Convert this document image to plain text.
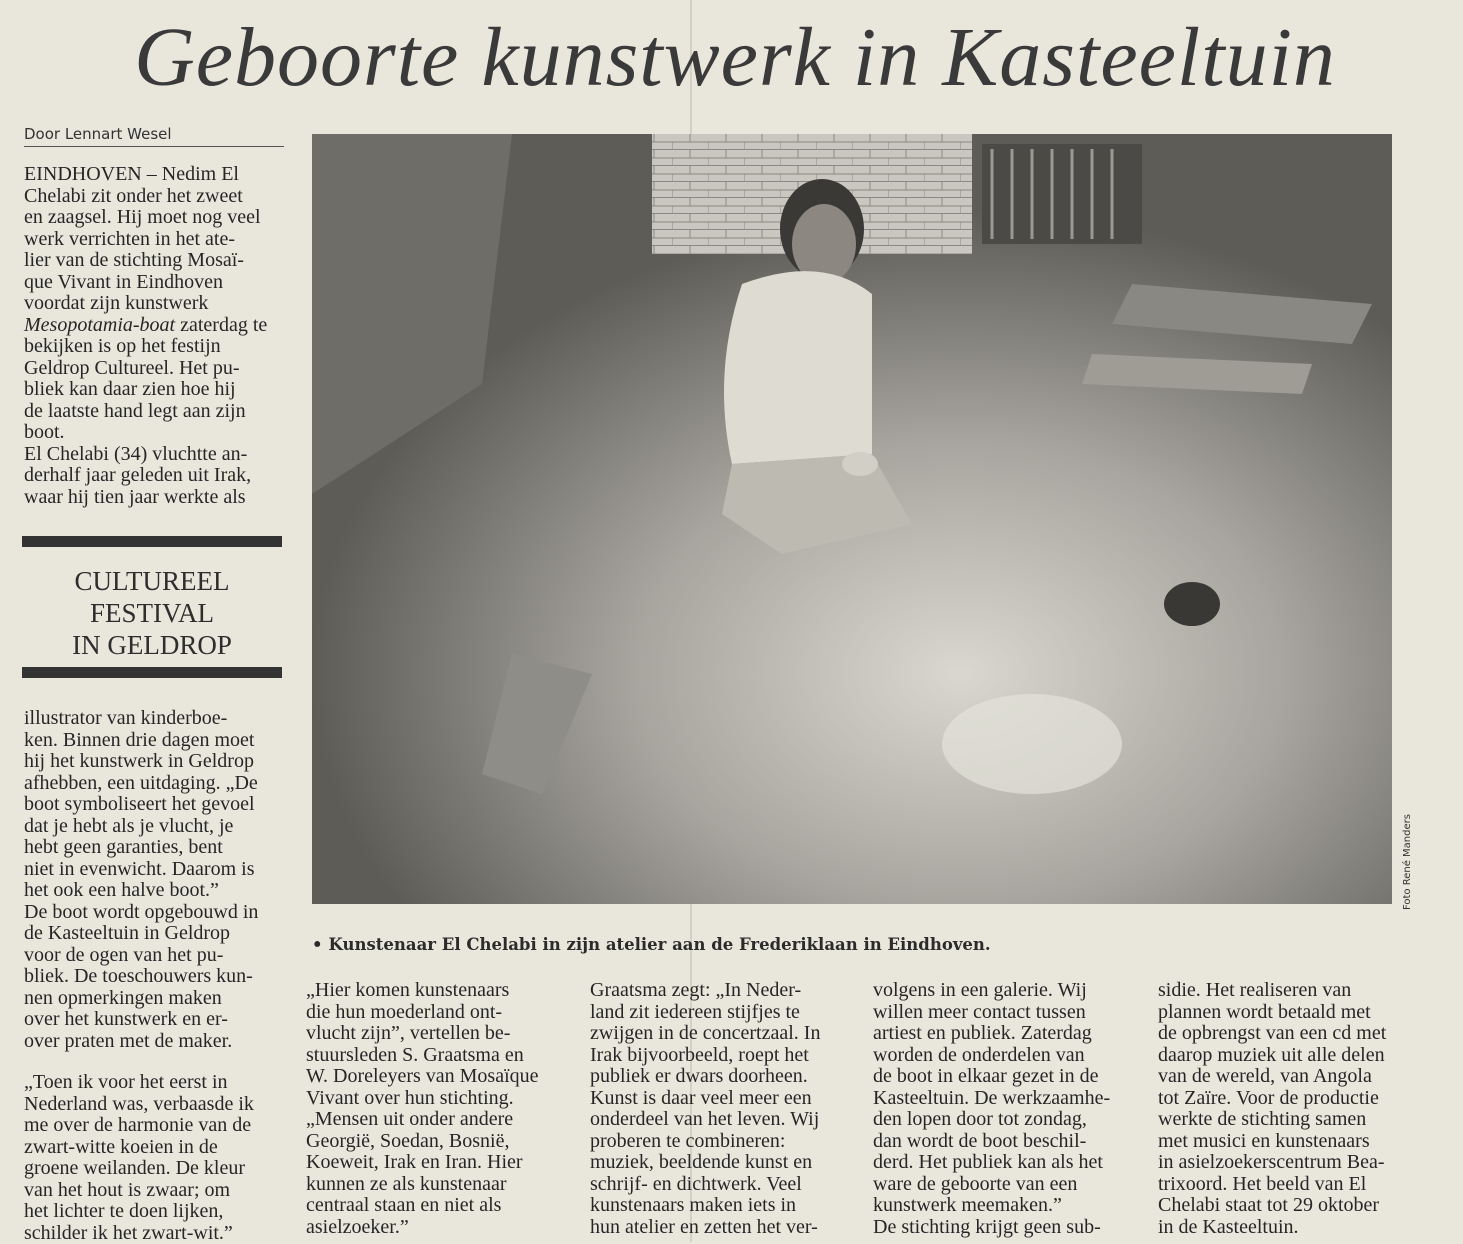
Geboorte kunstwerk in Kasteeltuin
Door Lennart Wesel

EINDHOVEN – Nedim El

Chelabi zit onder het zweet

en zaagsel. Hij moet nog veel

werk verrichten in het ate-

lier van de stichting Mosaï-

que Vivant in Eindhoven

voordat zijn kunstwerk

Mesopotamia-boat zaterdag te

bekijken is op het festijn

Geldrop Cultureel. Het pu-

bliek kan daar zien hoe hij

de laatste hand legt aan zijn

boot.

El Chelabi (34) vluchtte an-

derhalf jaar geleden uit Irak,

waar hij tien jaar werkte als

CULTUREEL
FESTIVAL
IN GELDROP

illustrator van kinderboe-

ken. Binnen drie dagen moet

hij het kunstwerk in Geldrop

afhebben, een uitdaging. „De

boot symboliseert het gevoel

dat je hebt als je vlucht, je

hebt geen garanties, bent

niet in evenwicht. Daarom is

het ook een halve boot.”

De boot wordt opgebouwd in

de Kasteeltuin in Geldrop

voor de ogen van het pu-

bliek. De toeschouwers kun-

nen opmerkingen maken

over het kunstwerk en er-

over praten met de maker.

„Toen ik voor het eerst in

Nederland was, verbaasde ik

me over de harmonie van de

zwart-witte koeien in de

groene weilanden. De kleur

van het hout is zwaar; om

het lichter te doen lijken,

schilder ik het zwart-wit.”

Foto René Manders
• Kunstenaar El Chelabi in zijn atelier aan de Frederiklaan in Eindhoven.

„Hier komen kunstenaars

die hun moederland ont-

vlucht zijn”, vertellen be-

stuursleden S. Graatsma en

W. Doreleyers van Mosaïque

Vivant over hun stichting.

„Mensen uit onder andere

Georgië, Soedan, Bosnië,

Koeweit, Irak en Iran. Hier

kunnen ze als kunstenaar

centraal staan en niet als

asielzoeker.”

Graatsma zegt: „In Neder-

land zit iedereen stijfjes te

zwijgen in de concertzaal. In

Irak bijvoorbeeld, roept het

publiek er dwars doorheen.

Kunst is daar veel meer een

onderdeel van het leven. Wij

proberen te combineren:

muziek, beeldende kunst en

schrijf- en dichtwerk. Veel

kunstenaars maken iets in

hun atelier en zetten het ver-

volgens in een galerie. Wij

willen meer contact tussen

artiest en publiek. Zaterdag

worden de onderdelen van

de boot in elkaar gezet in de

Kasteeltuin. De werkzaamhe-

den lopen door tot zondag,

dan wordt de boot beschil-

derd. Het publiek kan als het

ware de geboorte van een

kunstwerk meemaken.”

De stichting krijgt geen sub-

sidie. Het realiseren van

plannen wordt betaald met

de opbrengst van een cd met

daarop muziek uit alle delen

van de wereld, van Angola

tot Zaïre. Voor de productie

werkte de stichting samen

met musici en kunstenaars

in asielzoekerscentrum Bea-

trixoord. Het beeld van El

Chelabi staat tot 29 oktober

in de Kasteeltuin.
